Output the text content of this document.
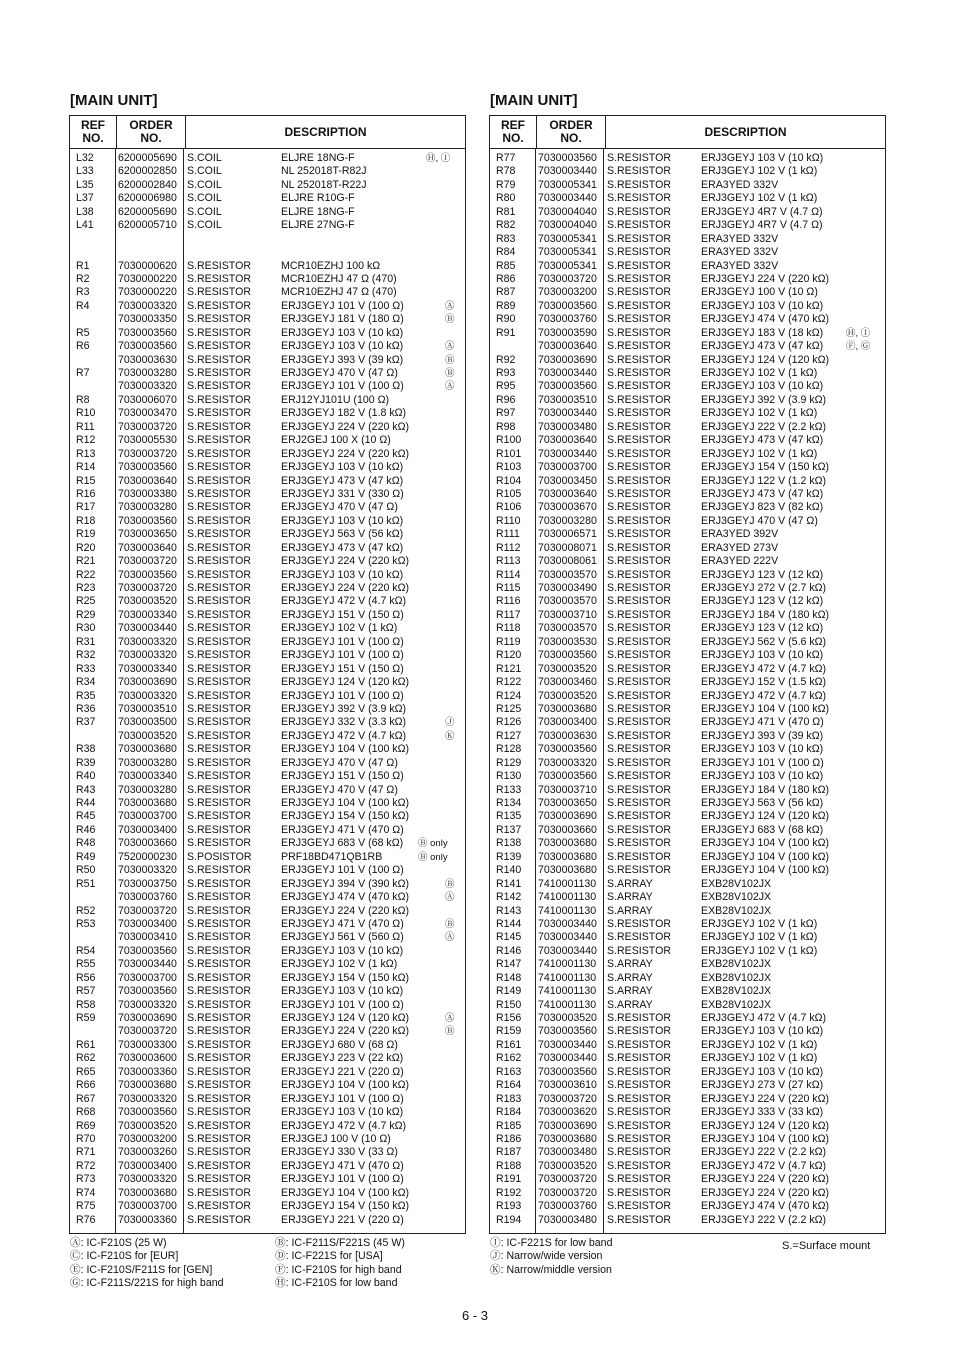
[MAIN UNIT]
REF
NO.
ORDER
NO.	DESCRIPTION
L32	6200005690 S.COIL	ELJRE 18NG-F	Ⓗ, Ⓘ
L33	6200002850 S.COIL	NL 252018T-R82J
L35	6200002840 S.COIL	NL 252018T-R22J
L37	6200006980 S.COIL	ELJRE R10G-F
L38	6200005690 S.COIL	ELJRE 18NG-F
L41	6200005710 S.COIL	ELJRE 27NG-F
R1	7030000620 S.RESISTOR	MCR10EZHJ 100 kΩ
R2	7030000220 S.RESISTOR	MCR10EZHJ 47 Ω (470)
R3	7030000220 S.RESISTOR	MCR10EZHJ 47 Ω (470)
R4	7030003320 S.RESISTOR	ERJ3GEYJ 101 V (100 Ω)	Ⓐ
7030003350 S.RESISTOR	ERJ3GEYJ 181 V (180 Ω)	Ⓑ
R5	7030003560 S.RESISTOR	ERJ3GEYJ 103 V (10 kΩ)
R6	7030003560 S.RESISTOR	ERJ3GEYJ 103 V (10 kΩ)	Ⓐ
7030003630 S.RESISTOR	ERJ3GEYJ 393 V (39 kΩ)	Ⓑ
R7	7030003280 S.RESISTOR	ERJ3GEYJ 470 V (47 Ω)	Ⓑ
7030003320 S.RESISTOR	ERJ3GEYJ 101 V (100 Ω)	Ⓐ
R8	7030006070 S.RESISTOR	ERJ12YJ101U (100 Ω)
R10	7030003470 S.RESISTOR	ERJ3GEYJ 182 V (1.8 kΩ)
R11	7030003720 S.RESISTOR	ERJ3GEYJ 224 V (220 kΩ)
R12	7030005530 S.RESISTOR	ERJ2GEJ 100 X (10 Ω)
R13	7030003720 S.RESISTOR	ERJ3GEYJ 224 V (220 kΩ)
R14	7030003560 S.RESISTOR	ERJ3GEYJ 103 V (10 kΩ)
R15	7030003640 S.RESISTOR	ERJ3GEYJ 473 V (47 kΩ)
R16	7030003380 S.RESISTOR	ERJ3GEYJ 331 V (330 Ω)
R17	7030003280 S.RESISTOR	ERJ3GEYJ 470 V (47 Ω)
R18	7030003560 S.RESISTOR	ERJ3GEYJ 103 V (10 kΩ)
R19	7030003650 S.RESISTOR	ERJ3GEYJ 563 V (56 kΩ)
R20	7030003640 S.RESISTOR	ERJ3GEYJ 473 V (47 kΩ)
R21	7030003720 S.RESISTOR	ERJ3GEYJ 224 V (220 kΩ)
R22	7030003560 S.RESISTOR	ERJ3GEYJ 103 V (10 kΩ)
R23	7030003720 S.RESISTOR	ERJ3GEYJ 224 V (220 kΩ)
R25	7030003520 S.RESISTOR	ERJ3GEYJ 472 V (4.7 kΩ)
R29	7030003340 S.RESISTOR	ERJ3GEYJ 151 V (150 Ω)
R30	7030003440 S.RESISTOR	ERJ3GEYJ 102 V (1 kΩ)
R31	7030003320 S.RESISTOR	ERJ3GEYJ 101 V (100 Ω)
R32	7030003320 S.RESISTOR	ERJ3GEYJ 101 V (100 Ω)
R33	7030003340 S.RESISTOR	ERJ3GEYJ 151 V (150 Ω)
R34	7030003690 S.RESISTOR	ERJ3GEYJ 124 V (120 kΩ)
R35	7030003320 S.RESISTOR	ERJ3GEYJ 101 V (100 Ω)
R36	7030003510 S.RESISTOR	ERJ3GEYJ 392 V (3.9 kΩ)
R37	7030003500 S.RESISTOR	ERJ3GEYJ 332 V (3.3 kΩ)	Ⓙ
7030003520 S.RESISTOR	ERJ3GEYJ 472 V (4.7 kΩ)	Ⓚ
R38	7030003680 S.RESISTOR	ERJ3GEYJ 104 V (100 kΩ)
R39	7030003280 S.RESISTOR	ERJ3GEYJ 470 V (47 Ω)
R40	7030003340 S.RESISTOR	ERJ3GEYJ 151 V (150 Ω)
R43	7030003280 S.RESISTOR	ERJ3GEYJ 470 V (47 Ω)
R44	7030003680 S.RESISTOR	ERJ3GEYJ 104 V (100 kΩ)
R45	7030003700 S.RESISTOR	ERJ3GEYJ 154 V (150 kΩ)
R46	7030003400 S.RESISTOR	ERJ3GEYJ 471 V (470 Ω)
R48	7030003660 S.RESISTOR	ERJ3GEYJ 683 V (68 kΩ) Ⓑ only
R49	7520000230 S.POSISTOR	PRF18BD471QB1RB	Ⓑ only
R50	7030003320 S.RESISTOR	ERJ3GEYJ 101 V (100 Ω)
R51	7030003750 S.RESISTOR	ERJ3GEYJ 394 V (390 kΩ)	Ⓑ
7030003760 S.RESISTOR	ERJ3GEYJ 474 V (470 kΩ)	Ⓐ
R52	7030003720 S.RESISTOR	ERJ3GEYJ 224 V (220 kΩ)
R53	7030003400 S.RESISTOR	ERJ3GEYJ 471 V (470 Ω)	Ⓑ
7030003410 S.RESISTOR	ERJ3GEYJ 561 V (560 Ω)	Ⓐ
R54	7030003560 S.RESISTOR	ERJ3GEYJ 103 V (10 kΩ)
R55	7030003440 S.RESISTOR	ERJ3GEYJ 102 V (1 kΩ)
R56	7030003700 S.RESISTOR	ERJ3GEYJ 154 V (150 kΩ)
R57	7030003560 S.RESISTOR	ERJ3GEYJ 103 V (10 kΩ)
R58	7030003320 S.RESISTOR	ERJ3GEYJ 101 V (100 Ω)
R59	7030003690 S.RESISTOR	ERJ3GEYJ 124 V (120 kΩ)	Ⓐ
7030003720 S.RESISTOR	ERJ3GEYJ 224 V (220 kΩ)	Ⓑ
R61	7030003300 S.RESISTOR	ERJ3GEYJ 680 V (68 Ω)
R62	7030003600 S.RESISTOR	ERJ3GEYJ 223 V (22 kΩ)
R65	7030003360 S.RESISTOR	ERJ3GEYJ 221 V (220 Ω)
R66	7030003680 S.RESISTOR	ERJ3GEYJ 104 V (100 kΩ)
R67	7030003320 S.RESISTOR	ERJ3GEYJ 101 V (100 Ω)
R68	7030003560 S.RESISTOR	ERJ3GEYJ 103 V (10 kΩ)
R69	7030003520 S.RESISTOR	ERJ3GEYJ 472 V (4.7 kΩ)
R70	7030003200 S.RESISTOR	ERJ3GEJ 100 V (10 Ω)
R71	7030003260 S.RESISTOR	ERJ3GEYJ 330 V (33 Ω)
R72	7030003400 S.RESISTOR	ERJ3GEYJ 471 V (470 Ω)
R73	7030003320 S.RESISTOR	ERJ3GEYJ 101 V (100 Ω)
R74	7030003680 S.RESISTOR	ERJ3GEYJ 104 V (100 kΩ)
R75	7030003700 S.RESISTOR	ERJ3GEYJ 154 V (150 kΩ)
R76	7030003360 S.RESISTOR	ERJ3GEYJ 221 V (220 Ω)
[MAIN UNIT]
REF
NO.
ORDER
NO.	DESCRIPTION
R77	7030003560 S.RESISTOR	ERJ3GEYJ 103 V (10 kΩ)
R78	7030003440 S.RESISTOR	ERJ3GEYJ 102 V (1 kΩ)
R79	7030005341 S.RESISTOR	ERA3YED 332V
R80	7030003440 S.RESISTOR	ERJ3GEYJ 102 V (1 kΩ)
R81	7030004040 S.RESISTOR	ERJ3GEYJ 4R7 V (4.7 Ω)
R82	7030004040 S.RESISTOR	ERJ3GEYJ 4R7 V (4.7 Ω)
R83	7030005341 S.RESISTOR	ERA3YED 332V
R84	7030005341 S.RESISTOR	ERA3YED 332V
R85	7030005341 S.RESISTOR	ERA3YED 332V
R86	7030003720 S.RESISTOR	ERJ3GEYJ 224 V (220 kΩ)
R87	7030003200 S.RESISTOR	ERJ3GEYJ 100 V (10 Ω)
R89	7030003560 S.RESISTOR	ERJ3GEYJ 103 V (10 kΩ)
R90	7030003760 S.RESISTOR	ERJ3GEYJ 474 V (470 kΩ)
R91	7030003590 S.RESISTOR	ERJ3GEYJ 183 V (18 kΩ) Ⓗ, Ⓘ
7030003640 S.RESISTOR	ERJ3GEYJ 473 V (47 kΩ) Ⓕ, Ⓖ
R92	7030003690 S.RESISTOR	ERJ3GEYJ 124 V (120 kΩ)
R93	7030003440 S.RESISTOR	ERJ3GEYJ 102 V (1 kΩ)
R95	7030003560 S.RESISTOR	ERJ3GEYJ 103 V (10 kΩ)
R96	7030003510 S.RESISTOR	ERJ3GEYJ 392 V (3.9 kΩ)
R97	7030003440 S.RESISTOR	ERJ3GEYJ 102 V (1 kΩ)
R98	7030003480 S.RESISTOR	ERJ3GEYJ 222 V (2.2 kΩ)
R100	7030003640 S.RESISTOR	ERJ3GEYJ 473 V (47 kΩ)
R101	7030003440 S.RESISTOR	ERJ3GEYJ 102 V (1 kΩ)
R103	7030003700 S.RESISTOR	ERJ3GEYJ 154 V (150 kΩ)
R104	7030003450 S.RESISTOR	ERJ3GEYJ 122 V (1.2 kΩ)
R105	7030003640 S.RESISTOR	ERJ3GEYJ 473 V (47 kΩ)
R106	7030003670 S.RESISTOR	ERJ3GEYJ 823 V (82 kΩ)
R110	7030003280 S.RESISTOR	ERJ3GEYJ 470 V (47 Ω)
R111	7030006571 S.RESISTOR	ERA3YED 392V
R112	7030008071 S.RESISTOR	ERA3YED 273V
R113	7030008061 S.RESISTOR	ERA3YED 222V
R114	7030003570 S.RESISTOR	ERJ3GEYJ 123 V (12 kΩ)
R115	7030003490 S.RESISTOR	ERJ3GEYJ 272 V (2.7 kΩ)
R116	7030003570 S.RESISTOR	ERJ3GEYJ 123 V (12 kΩ)
R117	7030003710 S.RESISTOR	ERJ3GEYJ 184 V (180 kΩ)
R118	7030003570 S.RESISTOR	ERJ3GEYJ 123 V (12 kΩ)
R119	7030003530 S.RESISTOR	ERJ3GEYJ 562 V (5.6 kΩ)
R120	7030003560 S.RESISTOR	ERJ3GEYJ 103 V (10 kΩ)
R121	7030003520 S.RESISTOR	ERJ3GEYJ 472 V (4.7 kΩ)
R122	7030003460 S.RESISTOR	ERJ3GEYJ 152 V (1.5 kΩ)
R124	7030003520 S.RESISTOR	ERJ3GEYJ 472 V (4.7 kΩ)
R125	7030003680 S.RESISTOR	ERJ3GEYJ 104 V (100 kΩ)
R126	7030003400 S.RESISTOR	ERJ3GEYJ 471 V (470 Ω)
R127	7030003630 S.RESISTOR	ERJ3GEYJ 393 V (39 kΩ)
R128	7030003560 S.RESISTOR	ERJ3GEYJ 103 V (10 kΩ)
R129	7030003320 S.RESISTOR	ERJ3GEYJ 101 V (100 Ω)
R130	7030003560 S.RESISTOR	ERJ3GEYJ 103 V (10 kΩ)
R133	7030003710 S.RESISTOR	ERJ3GEYJ 184 V (180 kΩ)
R134	7030003650 S.RESISTOR	ERJ3GEYJ 563 V (56 kΩ)
R135	7030003690 S.RESISTOR	ERJ3GEYJ 124 V (120 kΩ)
R137	7030003660 S.RESISTOR	ERJ3GEYJ 683 V (68 kΩ)
R138	7030003680 S.RESISTOR	ERJ3GEYJ 104 V (100 kΩ)
R139	7030003680 S.RESISTOR	ERJ3GEYJ 104 V (100 kΩ)
R140	7030003680 S.RESISTOR	ERJ3GEYJ 104 V (100 kΩ)
R141	7410001130	S.ARRAY	EXB28V102JX
R142	7410001130	S.ARRAY	EXB28V102JX
R143	7410001130	S.ARRAY	EXB28V102JX
R144	7030003440 S.RESISTOR	ERJ3GEYJ 102 V (1 kΩ)
R145	7030003440 S.RESISTOR	ERJ3GEYJ 102 V (1 kΩ)
R146	7030003440 S.RESISTOR	ERJ3GEYJ 102 V (1 kΩ)
R147	7410001130	S.ARRAY	EXB28V102JX
R148	7410001130	S.ARRAY	EXB28V102JX
R149	7410001130	S.ARRAY	EXB28V102JX
R150	7410001130	S.ARRAY	EXB28V102JX
R156	7030003520 S.RESISTOR	ERJ3GEYJ 472 V (4.7 kΩ)
R159	7030003560 S.RESISTOR	ERJ3GEYJ 103 V (10 kΩ)
R161	7030003440 S.RESISTOR	ERJ3GEYJ 102 V (1 kΩ)
R162	7030003440 S.RESISTOR	ERJ3GEYJ 102 V (1 kΩ)
R163	7030003560 S.RESISTOR	ERJ3GEYJ 103 V (10 kΩ)
R164	7030003610 S.RESISTOR	ERJ3GEYJ 273 V (27 kΩ)
R183	7030003720 S.RESISTOR	ERJ3GEYJ 224 V (220 kΩ)
R184	7030003620 S.RESISTOR	ERJ3GEYJ 333 V (33 kΩ)
R185	7030003690 S.RESISTOR	ERJ3GEYJ 124 V (120 kΩ)
R186	7030003680 S.RESISTOR	ERJ3GEYJ 104 V (100 kΩ)
R187	7030003480 S.RESISTOR	ERJ3GEYJ 222 V (2.2 kΩ)
R188	7030003520 S.RESISTOR	ERJ3GEYJ 472 V (4.7 kΩ)
R191	7030003720 S.RESISTOR	ERJ3GEYJ 224 V (220 kΩ)
R192	7030003720 S.RESISTOR	ERJ3GEYJ 224 V (220 kΩ)
R193	7030003760 S.RESISTOR	ERJ3GEYJ 474 V (470 kΩ)
R194	7030003480 S.RESISTOR	ERJ3GEYJ 222 V (2.2 kΩ)
Ⓐ: IC-F210S (25 W)
Ⓒ: IC-F210S for [EUR]
Ⓔ: IC-F210S/F211S for [GEN]
Ⓖ: IC-F211S/221S for high band
Ⓑ: IC-F211S/F221S (45 W)
Ⓓ: IC-F221S for [USA]
Ⓕ: IC-F210S for high band
Ⓗ: IC-F210S for low band
Ⓘ: IC-F221S for low band
Ⓙ: Narrow/wide version
Ⓚ: Narrow/middle version
S.=Surface mount
6 - 3
